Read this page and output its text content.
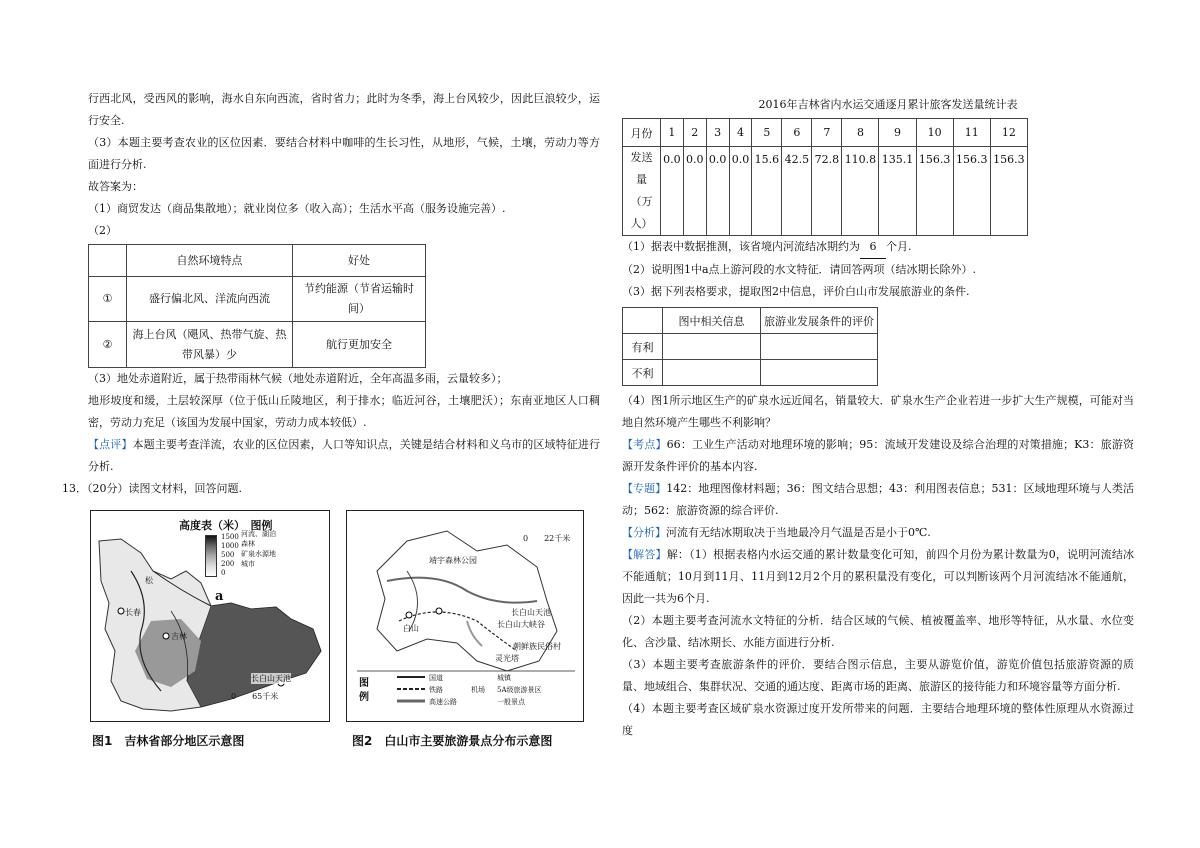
行西北风，受西风的影响，海水自东向西流，省时省力；此时为冬季，海上台风较少，因此巨浪较少，运行安全.

（3）本题主要考查农业的区位因素．要结合材料中咖啡的生长习性，从地形，气候，土壤，劳动力等方面进行分析.

故答案为：

（1）商贸发达（商品集散地）；就业岗位多（收入高）；生活水平高（服务设施完善）.

（2）

	自然环境特点	好处
①	盛行偏北风、洋流向西流	节约能源（节省运输时间）
②	海上台风（飓风、热带气旋、热带风暴）少	航行更加安全

（3）地处赤道附近，属于热带雨林气候（地处赤道附近，全年高温多雨，云量较多）；

地形坡度和缓，土层较深厚（位于低山丘陵地区，利于排水；临近河谷，土壤肥沃）；东南亚地区人口稠密，劳动力充足（该国为发展中国家，劳动力成本较低）.

【点评】本题主要考查洋流，农业的区位因素，人口等知识点，关键是结合材料和义乌市的区域特征进行分析.

13．（20分）读图文材料，回答问题.

高度表（米）　图例
1500
1000
500
200
0
河流、湖泊
森林
矿泉水源地
城市
a
松
长春
吉林
长白山天池
0　　65千米
图1　吉林省部分地区示意图
0　　22千米
靖宇森林公园
白山
长白山天池
长白山大峡谷
朝鲜族民俗村
灵光塔
图例
国道	城镇
铁路	机场 5A级旅游景区
高速公路	一般景点
图2　白山市主要旅游景点分布示意图
2016年吉林省内水运交通逐月累计旅客发送量统计表
月份	1	2	3	4	5	6	7	8	9	10	11	12
发送量（万人）	0.0	0.0	0.0	0.0	15.6	42.5	72.8	110.8	135.1	156.3	156.3	156.3

（1）据表中数据推测，该省境内河流结冰期约为 6 个月.

（2）说明图1中a点上游河段的水文特征．请回答两项（结冰期长除外）.

（3）据下列表格要求，提取图2中信息，评价白山市发展旅游业的条件.

	图中相关信息	旅游业发展条件的评价
有利		
不利		

（4）图1所示地区生产的矿泉水远近闻名，销量较大．矿泉水生产企业若进一步扩大生产规模，可能对当地自然环境产生哪些不利影响？

【考点】66：工业生产活动对地理环境的影响；95：流域开发建设及综合治理的对策措施；K3：旅游资源开发条件评价的基本内容.

【专题】142：地理图像材料题；36：图文结合思想；43：利用图表信息；531：区域地理环境与人类活动；562：旅游资源的综合评价.

【分析】河流有无结冰期取决于当地最冷月气温是否是小于0℃.

【解答】解：（1）根据表格内水运交通的累计数量变化可知，前四个月份为累计数量为0，说明河流结冰不能通航；10月到11月、11月到12月2个月的累积量没有变化，可以判断该两个月河流结冰不能通航，因此一共为6个月.

（2）本题主要考查河流水文特征的分析．结合区域的气候、植被覆盖率、地形等特征，从水量、水位变化、含沙量、结冰期长、水能方面进行分析.

（3）本题主要考查旅游条件的评价．要结合图示信息，主要从游览价值，游览价值包括旅游资源的质量、地域组合、集群状况、交通的通达度、距离市场的距离、旅游区的接待能力和环境容量等方面分析.

（4）本题主要考查区域矿泉水资源过度开发所带来的问题．主要结合地理环境的整体性原理从水资源过度
